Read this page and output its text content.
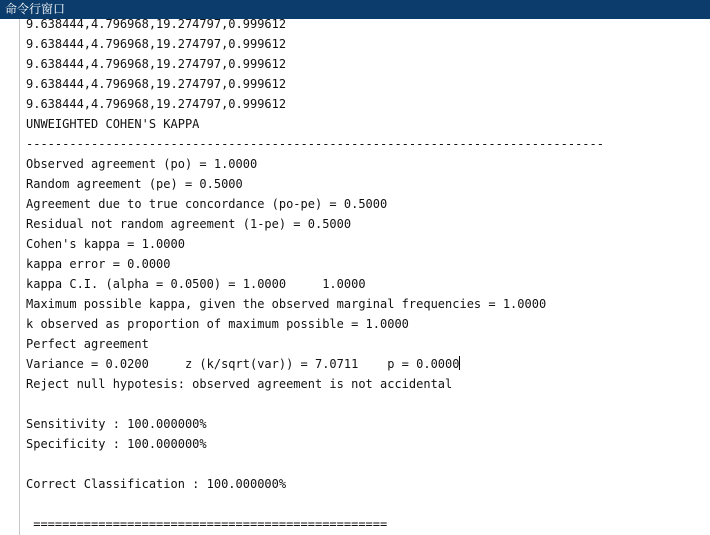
命令行窗口
9.638444,4.796968,19.274797,0.999612
9.638444,4.796968,19.274797,0.999612
9.638444,4.796968,19.274797,0.999612
9.638444,4.796968,19.274797,0.999612
9.638444,4.796968,19.274797,0.999612
UNWEIGHTED COHEN'S KAPPA
--------------------------------------------------------------------------------
Observed agreement (po) = 1.0000
Random agreement (pe) = 0.5000
Agreement due to true concordance (po-pe) = 0.5000
Residual not random agreement (1-pe) = 0.5000
Cohen's kappa = 1.0000
kappa error = 0.0000
kappa C.I. (alpha = 0.0500) = 1.0000     1.0000
Maximum possible kappa, given the observed marginal frequencies = 1.0000
k observed as proportion of maximum possible = 1.0000
Perfect agreement
Variance = 0.0200     z (k/sqrt(var)) = 7.0711    p = 0.0000
Reject null hypotesis: observed agreement is not accidental
Sensitivity : 100.000000%
Specificity : 100.000000%
Correct Classification : 100.000000%
=================================================
